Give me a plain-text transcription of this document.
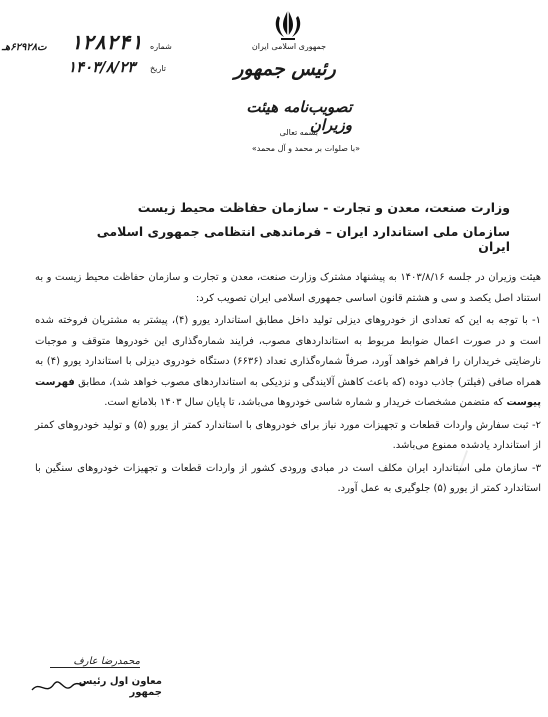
جمهوری اسلامی ایران
رئیس جمهور
تصویب‌نامه هیئت وزیران
بسمه تعالی
«با صلوات بر محمد و آل محمد»
ت۶۲۹۲۸هـ	۱۲۸۲۴۱ شماره
۱۴۰۳/۸/۲۳	تاریخ
وزارت صنعت، معدن و تجارت - سازمان حفاظت محیط زیست
سازمان ملی استاندارد ایران – فرماندهی انتظامی جمهوری اسلامی ایران
—

هیئت وزیران در جلسه ۱۴۰۳/۸/۱۶ به پیشنهاد مشترک وزارت صنعت، معدن و تجارت و سازمان حفاظت محیط زیست و به استناد اصل یکصد و سی و هشتم قانون اساسی جمهوری اسلامی ایران تصویب کرد:

۱- با توجه به این که تعدادی از خودروهای دیزلی تولید داخل مطابق استاندارد یورو (۴)، پیشتر به مشتریان فروخته شده است و در صورت اعمال ضوابط مربوط به استانداردهای مصوب، فرایند شماره‌گذاری این خودروها متوقف و موجبات نارضایتی خریداران را فراهم خواهد آورد، صرفاً شماره‌گذاری تعداد (۶۶۳۶) دستگاه خودروی دیزلی با استاندارد یورو (۴) به همراه صافی (فیلتر) جاذب دوده (که باعث کاهش آلایندگی و نزدیکی به استانداردهای مصوب خواهد شد)، مطابق فهرست پیوست که متضمن مشخصات خریدار و شماره شاسی خودروها می‌باشد، تا پایان سال ۱۴۰۳ بلامانع است.

۲- ثبت سفارش واردات قطعات و تجهیزات مورد نیاز برای خودروهای با استاندارد کمتر از یورو (۵) و تولید خودروهای کمتر از استاندارد یادشده ممنوع می‌باشد.

۳- سازمان ملی استاندارد ایران مکلف است در مبادی ورودی کشور از واردات قطعات و تجهیزات خودروهای سنگین با استاندارد کمتر از یورو (۵) جلوگیری به عمل آورد.

محمدرضا عارف
معاون اول رئیس جمهور
